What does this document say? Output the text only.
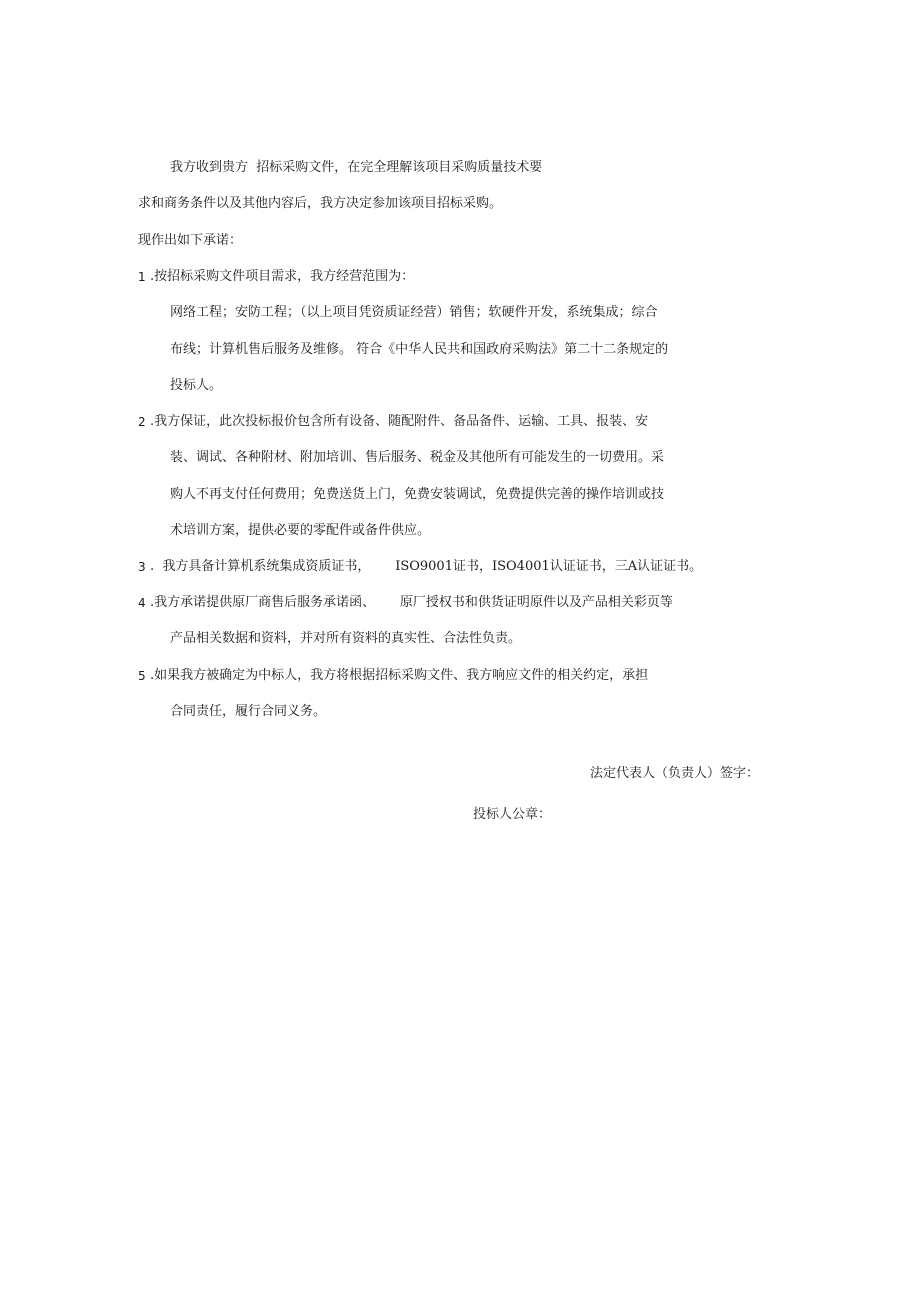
我方收到贵方  招标采购文件，在完全理解该项目采购质量技术要
求和商务条件以及其他内容后，我方决定参加该项目招标采购。
现作出如下承诺：
1 .按招标采购文件项目需求，我方经营范围为：
网络工程；安防工程；（以上项目凭资质证经营）销售；软硬件开发，系统集成；综合
布线；计算机售后服务及维修。 符合《中华人民共和国政府采购法》第二十二条规定的
投标人。
2 .我方保证，此次投标报价包含所有设备、随配附件、备品备件、运输、工具、报装、安
装、调试、各种附材、附加培训、售后服务、税金及其他所有可能发生的一切费用。采
购人不再支付任何费用；免费送货上门，免费安装调试，免费提供完善的操作培训或技
术培训方案，提供必要的零配件或备件供应。
3 .  我方具备计算机系统集成资质证书，      ISO9001证书，ISO4001认证证书，三A认证证书。
4 .我方承诺提供原厂商售后服务承诺函、      原厂授权书和供货证明原件以及产品相关彩页等
产品相关数据和资料，并对所有资料的真实性、合法性负责。
5 .如果我方被确定为中标人，我方将根据招标采购文件、我方响应文件的相关约定，承担
合同责任，履行合同义务。
法定代表人（负责人）签字：
投标人公章：
